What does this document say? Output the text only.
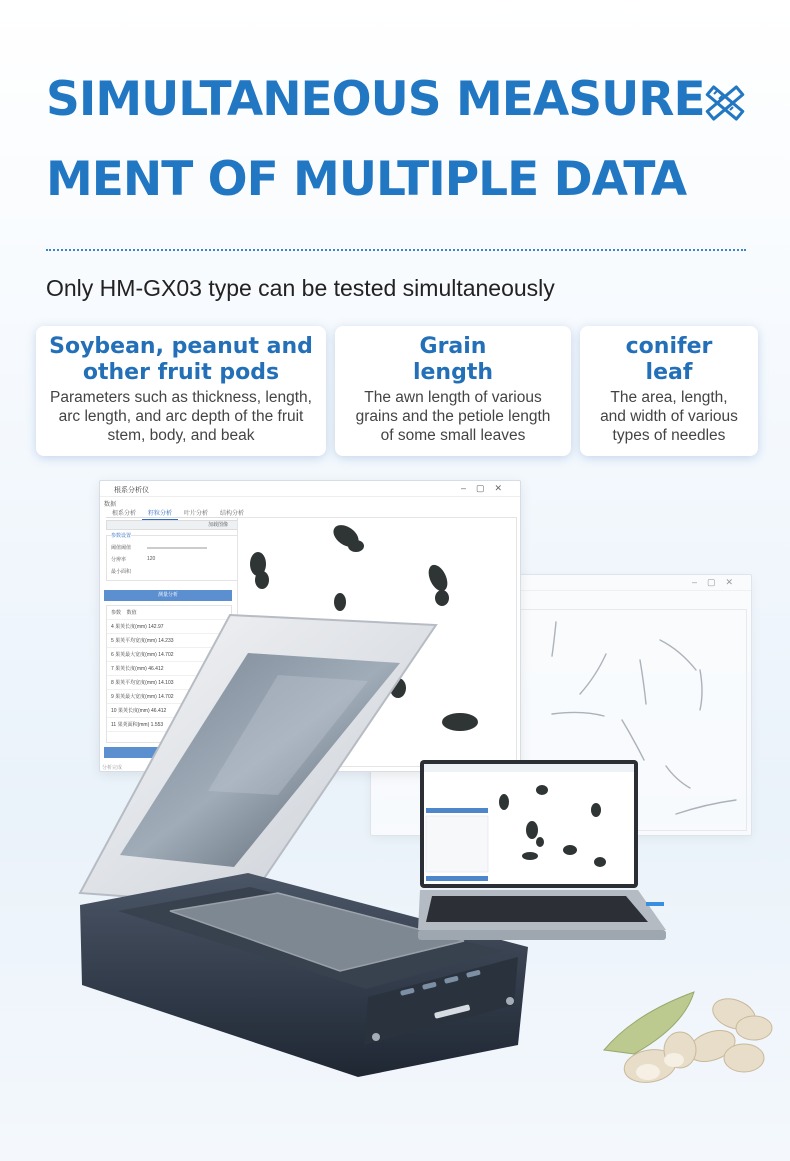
SIMULTANEOUS MEASURE
MENT OF MULTIPLE DATA
Only HM-GX03 type can be tested simultaneously
Soybean, peanut and
other fruit pods
Parameters such as thickness, length,
arc length, and arc depth of the fruit
stem, body, and beak
Grain
length
The awn length of various
grains and the petiole length
of some small leaves
conifer
leaf
The area, length,
and width of various
types of needles
–▢✕
根系分析仪	–▢✕
数据
根系分析 籽粒分析 叶片分析 结构分析
加载图像
参数设置
阈值阈值
分辨率	120
最小面积
测量分析
参数 数值
4 果荚长度(mm) 142.97
5 果荚平均宽度(mm) 14.233
6 果荚最大宽度(mm) 14.702
7 果荚长度(mm) 46.412
8 果荚平均宽度(mm) 14.103
9 果荚最大宽度(mm) 14.702
10 果荚长度(mm) 46.412
11 果荚面积(mm) 1.553
分析完成
